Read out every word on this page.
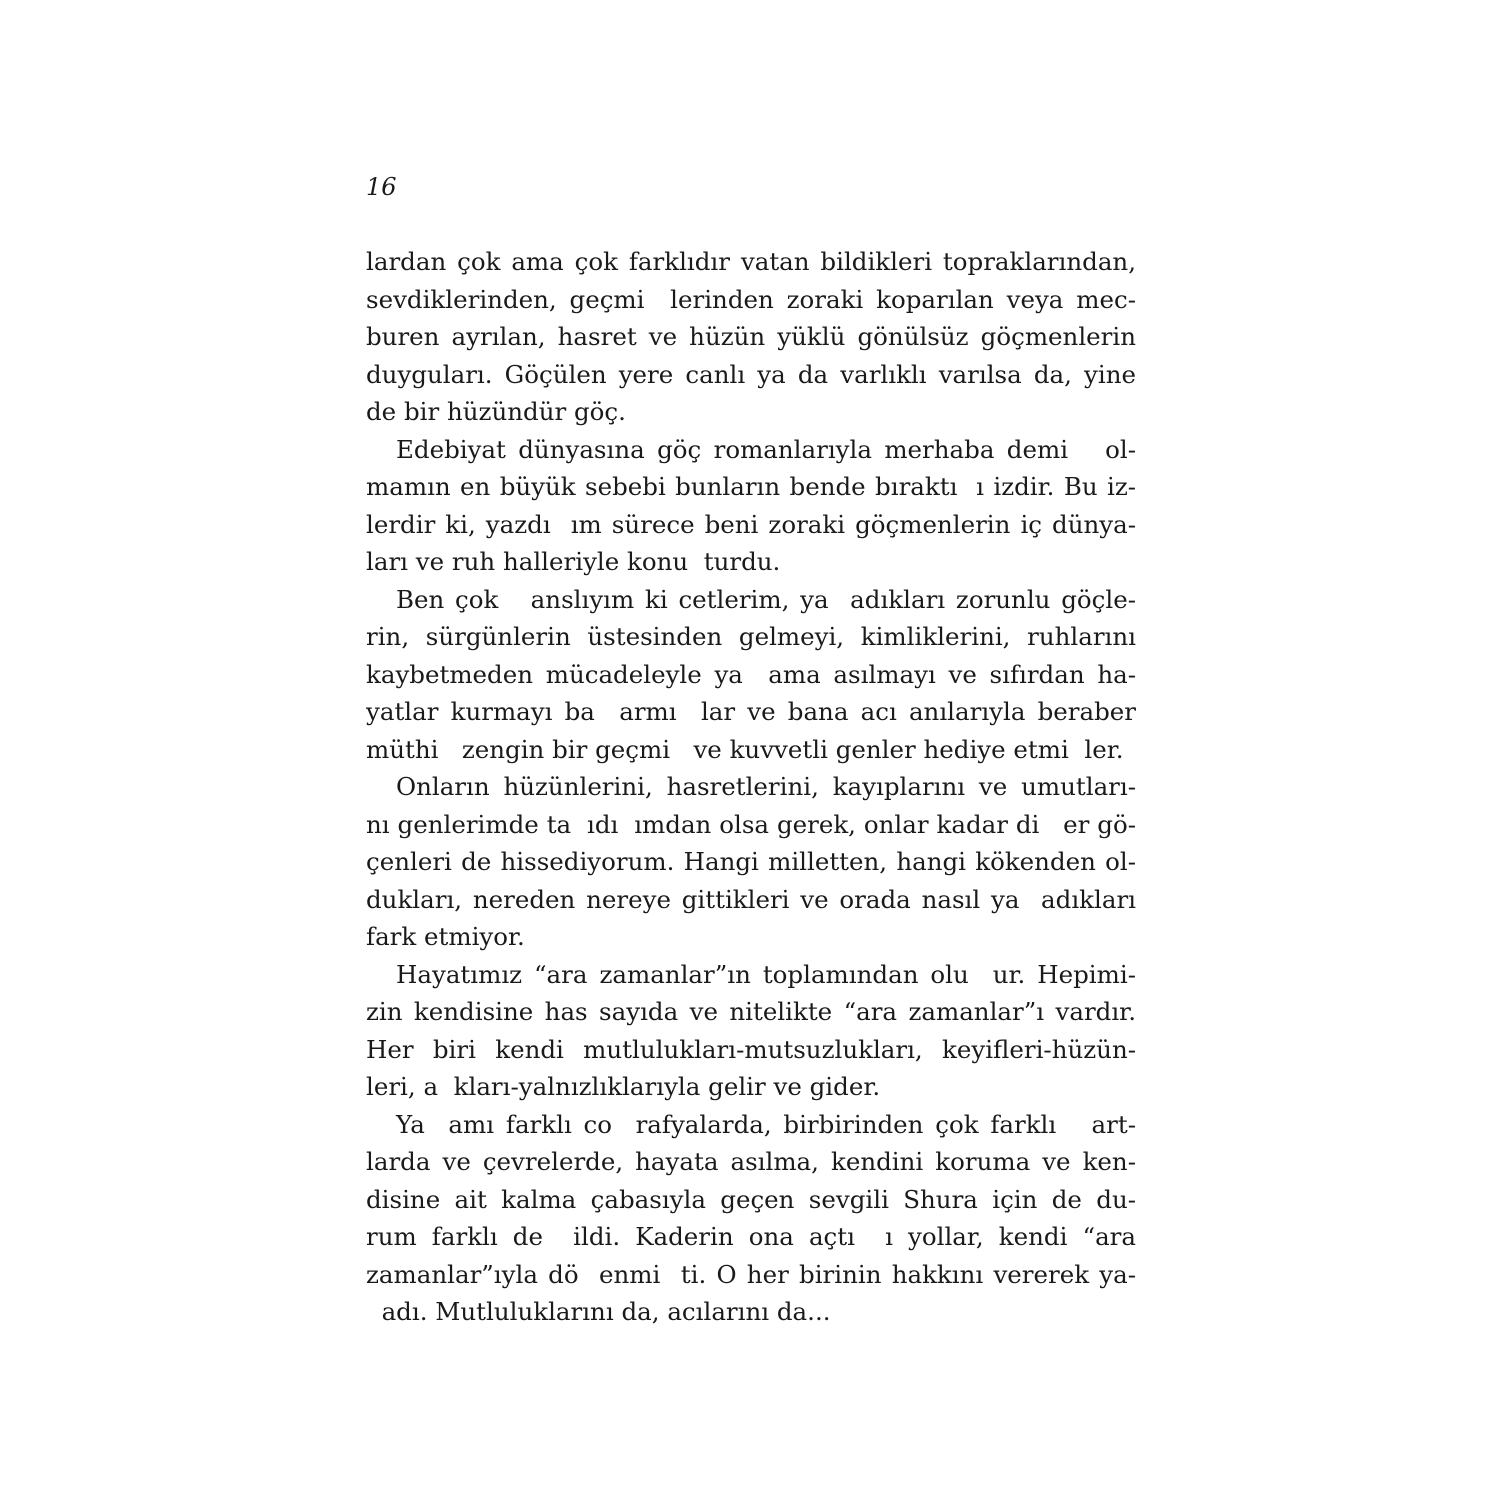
16
lardan çok ama çok farklıdır vatan bildikleri topraklarından,
sevdiklerinden, geçmi  lerinden zoraki koparılan veya mec-
buren ayrılan, hasret ve hüzün yüklü gönülsüz göçmenlerin
duyguları. Göçülen yere canlı ya da varlıklı varılsa da, yine
de bir hüzündür göç.
Edebiyat dünyasına göç romanlarıyla merhaba demi   ol-
mamın en büyük sebebi bunların bende bıraktı  ı izdir. Bu iz-
lerdir ki, yazdı  ım sürece beni zoraki göçmenlerin iç dünya-
ları ve ruh halleriyle konu  turdu.
Ben çok   anslıyım ki cetlerim, ya  adıkları zorunlu göçle-
rin, sürgünlerin üstesinden gelmeyi, kimliklerini, ruhlarını
kaybetmeden mücadeleyle ya  ama asılmayı ve sıfırdan ha-
yatlar kurmayı ba  armı  lar ve bana acı anılarıyla beraber
müthi   zengin bir geçmi   ve kuvvetli genler hediye etmi  ler.
Onların hüzünlerini, hasretlerini, kayıplarını ve umutları-
nı genlerimde ta  ıdı  ımdan olsa gerek, onlar kadar di   er gö-
çenleri de hissediyorum. Hangi milletten, hangi kökenden ol-
dukları, nereden nereye gittikleri ve orada nasıl ya  adıkları
fark etmiyor.
Hayatımız “ara zamanlar”ın toplamından olu  ur. Hepimi-
zin kendisine has sayıda ve nitelikte “ara zamanlar”ı vardır.
Her biri kendi mutlulukları-mutsuzlukları, keyifleri-hüzün-
leri, a  kları-yalnızlıklarıyla gelir ve gider.
Ya  amı farklı co  rafyalarda, birbirinden çok farklı   art-
larda ve çevrelerde, hayata asılma, kendini koruma ve ken-
disine ait kalma çabasıyla geçen sevgili Shura için de du-
rum farklı de  ildi. Kaderin ona açtı  ı yollar, kendi “ara
zamanlar”ıyla dö  enmi  ti. O her birinin hakkını vererek ya-
adı. Mutluluklarını da, acılarını da...
